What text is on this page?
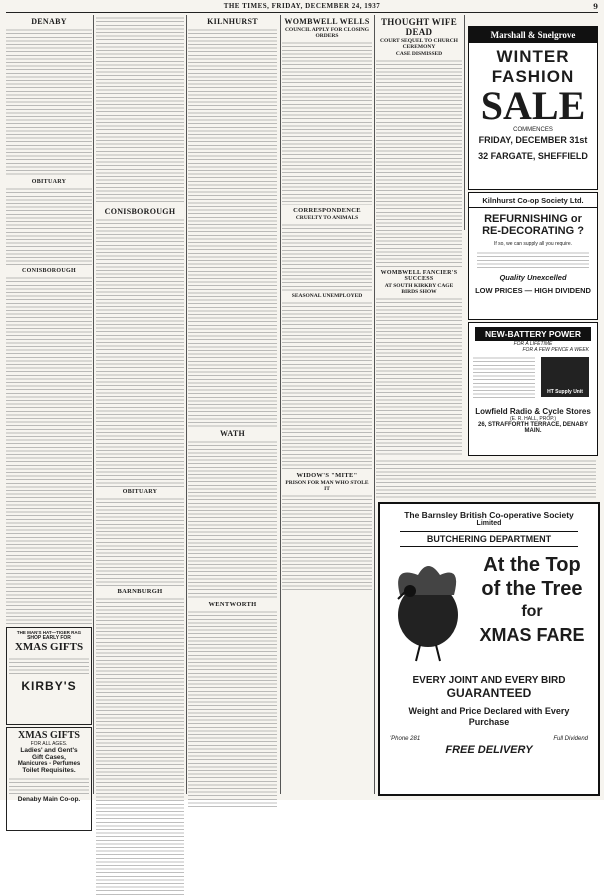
THE TIMES, FRIDAY, DECEMBER 24, 1937	9
DENABY
OBITUARY
CONISBOROUGH
THE MAN'S HAT—TIGER RAG
SHOP EARLY FOR
XMAS GIFTS
KIRBY'S
XMAS GIFTS
FOR ALL AGES.
Ladies' and Gent's
Gift Cases,
Manicures - Perfumes
Toilet Requisites.
Denaby Main Co-op.
CONISBOROUGH
OBITUARY
BARNBURGH
KILNHURST
WATH
WENTWORTH
WOMBWELL WELLS
COUNCIL APPLY FOR CLOSING ORDERS
CORRESPONDENCE
CRUELTY TO ANIMALS
SEASONAL UNEMPLOYED
WIDOW'S "MITE"
PRISON FOR MAN WHO STOLE IT
THOUGHT WIFE DEAD
COURT SEQUEL TO CHURCH CEREMONY
CASE DISMISSED
WOMBWELL FANCIER'S SUCCESS
AT SOUTH KIRKBY CAGE BIRDS SHOW
Marshall & Snelgrove
WINTER
FASHION
SALE
COMMENCES
FRIDAY, DECEMBER 31st
32 FARGATE, SHEFFIELD
Kilnhurst Co-op Society Ltd.
REFURNISHING or
RE-DECORATING ?
If so, we can supply all you require.
Quality Unexcelled
LOW PRICES — HIGH DIVIDEND
NEW-BATTERY POWER
FOR A LIFETIME
FOR A FEW PENCE A WEEK
HT Supply Unit
Lowfield Radio & Cycle Stores
(E. R. HALL, PROP.)
26, STRAFFORTH TERRACE, DENABY MAIN.
The Barnsley British Co-operative Society
Limited
BUTCHERING DEPARTMENT
At the Top
of the Tree
for
XMAS FARE
EVERY JOINT AND EVERY BIRD
GUARANTEED
Weight and Price Declared with Every Purchase
'Phone 281	Full Dividend
FREE DELIVERY
